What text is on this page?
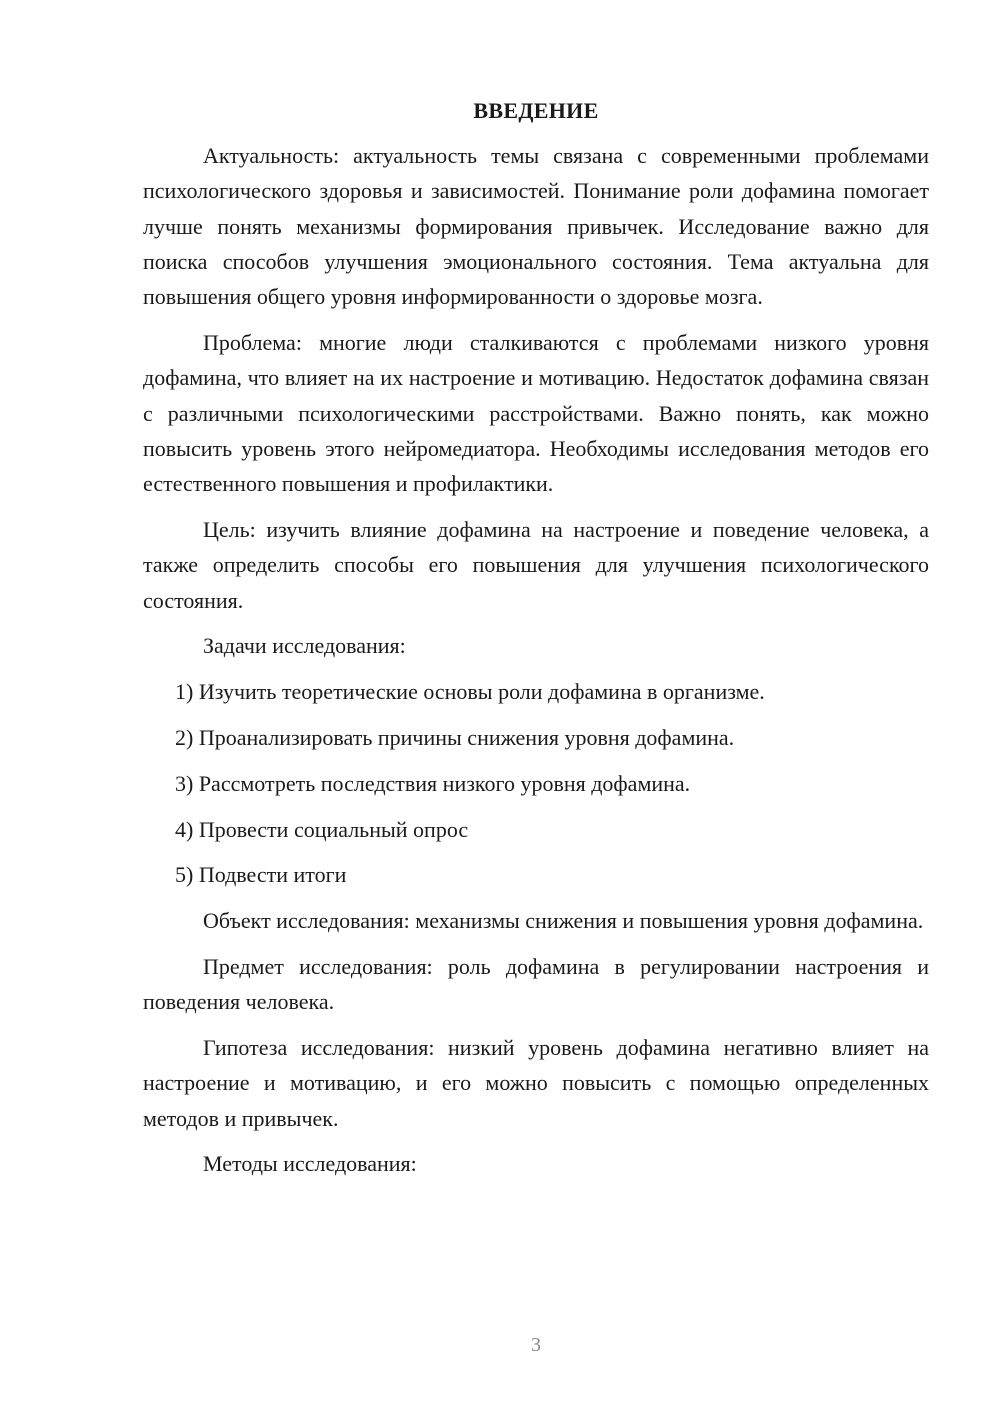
ВВЕДЕНИЕ

Актуальность: актуальность темы связана с современными проблемами психологического здоровья и зависимостей. Понимание роли дофамина помогает лучше понять механизмы формирования привычек. Исследование важно для поиска способов улучшения эмоционального состояния. Тема актуальна для повышения общего уровня информированности о здоровье мозга.

Проблема: многие люди сталкиваются с проблемами низкого уровня дофамина, что влияет на их настроение и мотивацию. Недостаток дофамина связан с различными психологическими расстройствами. Важно понять, как можно повысить уровень этого нейромедиатора. Необходимы исследования методов его естественного повышения и профилактики.

Цель: изучить влияние дофамина на настроение и поведение человека, а также определить способы его повышения для улучшения психологического состояния.

Задачи исследования:

1) Изучить теоретические основы роли дофамина в организме.

2) Проанализировать причины снижения уровня дофамина.

3) Рассмотреть последствия низкого уровня дофамина.

4) Провести социальный опрос

5) Подвести итоги

Объект исследования: механизмы снижения и повышения уровня дофамина.

Предмет исследования: роль дофамина в регулировании настроения и поведения человека.

Гипотеза исследования: низкий уровень дофамина негативно влияет на настроение и мотивацию, и его можно повысить с помощью определенных методов и привычек.

Методы исследования:

3
